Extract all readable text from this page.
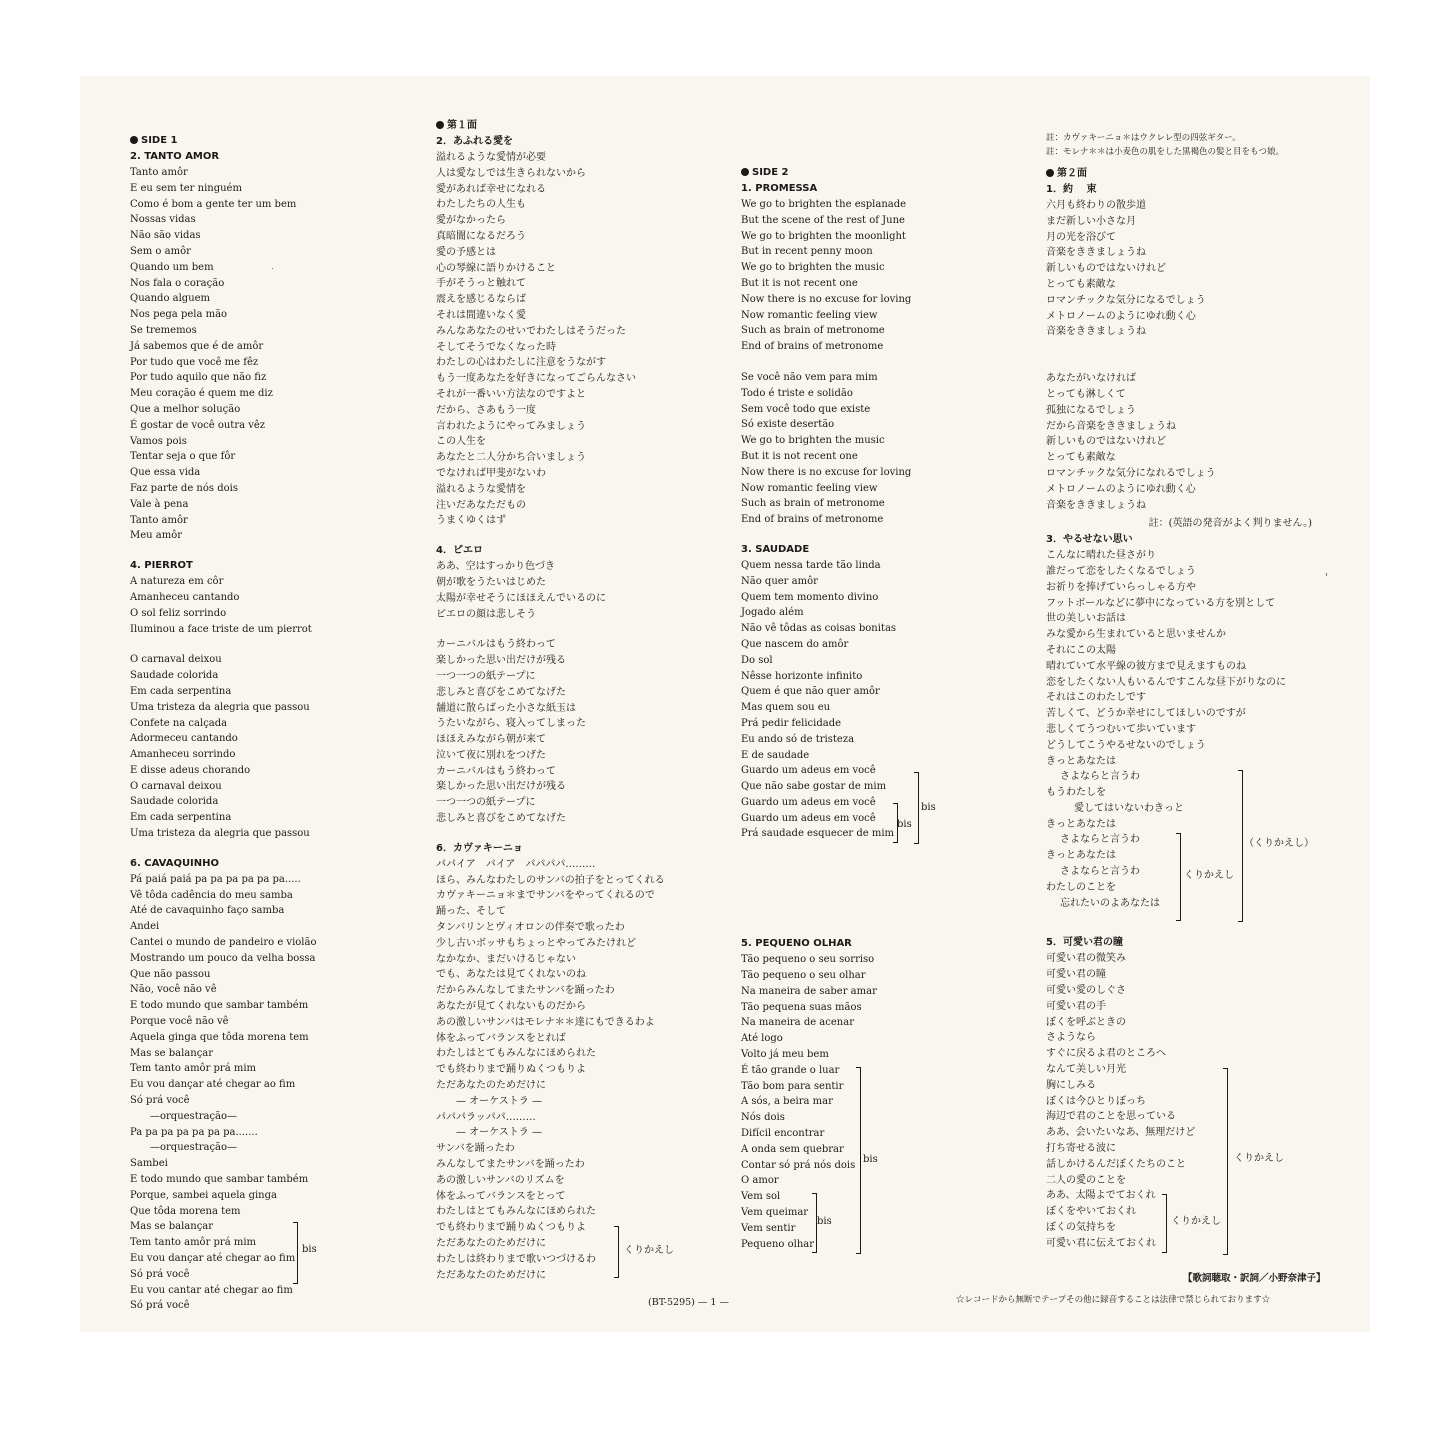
SIDE 1
2. TANTO AMOR
Tanto amôr
E eu sem ter ninguém
Como é bom a gente ter um bem
Nossas vidas
Não são vidas
Sem o amôr
Quando um bem
Nos fala o coração
Quando alguem
Nos pega pela mão
Se trememos
Já sabemos que é de amôr
Por tudo que você me fêz
Por tudo aquilo que não fiz
Meu coração é quem me diz
Que a melhor solução
É gostar de você outra vêz
Vamos pois
Tentar seja o que fôr
Que essa vida
Faz parte de nós dois
Vale à pena
Tanto amôr
Meu amôr
4. PIERROT
A natureza em côr
Amanheceu cantando
O sol feliz sorrindo
Iluminou a face triste de um pierrot
O carnaval deixou
Saudade colorida
Em cada serpentina
Uma tristeza da alegria que passou
Confete na calçada
Adormeceu cantando
Amanheceu sorrindo
E disse adeus chorando
O carnaval deixou
Saudade colorida
Em cada serpentina
Uma tristeza da alegria que passou
6. CAVAQUINHO
Pá paiá paiá pa pa pa pa pa pa.....
Vê tôda cadência do meu samba
Até de cavaquinho faço samba
Andei
Cantei o mundo de pandeiro e violão
Mostrando um pouco da velha bossa
Que não passou
Não, você não vê
E todo mundo que sambar também
Porque você não vê
Aquela ginga que tôda morena tem
Mas se balançar
Tem tanto amôr prá mim
Eu vou dançar até chegar ao fim
Só prá você
—orquestração—
Pa pa pa pa pa pa pa.......
—orquestração—
Sambei
E todo mundo que sambar também
Porque, sambei aquela ginga
Que tôda morena tem
Mas se balançar
Tem tanto amôr prá mim
Eu vou dançar até chegar ao fim
Só prá você
Eu vou cantar até chegar ao fim
Só prá você
bis
第１面
2．あふれる愛を
溢れるような愛情が必要
人は愛なしでは生きられないから
愛があれば幸せになれる
わたしたちの人生も
愛がなかったら
真暗闇になるだろう
愛の予感とは
心の琴線に語りかけること
手がそうっと触れて
震えを感じるならば
それは間違いなく愛
みんなあなたのせいでわたしはそうだった
そしてそうでなくなった時
わたしの心はわたしに注意をうながす
もう一度あなたを好きになってごらんなさい
それが一番いい方法なのですよと
だから、さあもう一度
言われたようにやってみましょう
この人生を
あなたと二人分かち合いましょう
でなければ甲斐がないわ
溢れるような愛情を
注いだあなただもの
うまくゆくはず
4．ピエロ
ああ、空はすっかり色づき
朝が歌をうたいはじめた
太陽が幸せそうにほほえんでいるのに
ピエロの顔は悲しそう
カーニバルはもう終わって
楽しかった思い出だけが残る
一つ一つの紙テープに
悲しみと喜びをこめてなげた
舗道に散らばった小さな紙玉は
うたいながら、寝入ってしまった
ほほえみながら朝が来て
泣いて夜に別れをつげた
カーニバルはもう終わって
楽しかった思い出だけが残る
一つ一つの紙テープに
悲しみと喜びをこめてなげた
6．カヴァキーニョ
パパイア　パイア　パパパパ………
ほら、みんなわたしのサンバの拍子をとってくれる
カヴァキーニョ＊までサンバをやってくれるので
踊った、そして
タンバリンとヴィオロンの伴奏で歌ったわ
少し古いボッサもちょっとやってみたけれど
なかなか、まだいけるじゃない
でも、あなたは見てくれないのね
だからみんなしてまたサンバを踊ったわ
あなたが見てくれないものだから
あの激しいサンバはモレナ＊＊達にもできるわよ
体をふってバランスをとれば
わたしはとてもみんなにほめられた
でも終わりまで踊りぬくつもりよ
ただあなたのためだけに
— オーケストラ —
パパパラッパパ………
— オーケストラ —
サンバを踊ったわ
みんなしてまたサンバを踊ったわ
あの激しいサンバのリズムを
体をふってバランスをとって
わたしはとてもみんなにほめられた
でも終わりまで踊りぬくつもりよ
ただあなたのためだけに
わたしは終わりまで歌いつづけるわ
ただあなたのためだけに
くりかえし
SIDE 2
1. PROMESSA
We go to brighten the esplanade
But the scene of the rest of June
We go to brighten the moonlight
But in recent penny moon
We go to brighten the music
But it is not recent one
Now there is no excuse for loving
Now romantic feeling view
Such as brain of metronome
End of brains of metronome
Se você não vem para mim
Todo é triste e solidão
Sem você todo que existe
Só existe desertão
We go to brighten the music
But it is not recent one
Now there is no excuse for loving
Now romantic feeling view
Such as brain of metronome
End of brains of metronome
3. SAUDADE
Quem nessa tarde tão linda
Não quer amôr
Quem tem momento divino
Jogado além
Não vê tôdas as coisas bonitas
Que nascem do amôr
Do sol
Nêsse horizonte infinito
Quem é que não quer amôr
Mas quem sou eu
Prá pedir felicidade
Eu ando só de tristeza
E de saudade
Guardo um adeus em você
Que não sabe gostar de mim
Guardo um adeus em você
Guardo um adeus em você
Prá saudade esquecer de mim
5. PEQUENO OLHAR
Tão pequeno o seu sorriso
Tão pequeno o seu olhar
Na maneira de saber amar
Tão pequena suas mãos
Na maneira de acenar
Até logo
Volto já meu bem
É tão grande o luar
Tão bom para sentir
A sós, a beira mar
Nós dois
Difícil encontrar
A onda sem quebrar
Contar só prá nós dois
O amor
Vem sol
Vem queimar
Vem sentir
Pequeno olhar
bis
bis
bis
bis
註：カヴァキーニョ＊はウクレレ型の四弦ギター。
註：モレナ＊＊は小麦色の肌をした黒褐色の髪と目をもつ娘。
第２面
1．約　 束
六月も終わりの散歩道
まだ新しい小さな月
月の光を浴びて
音楽をききましょうね
新しいものではないけれど
とっても素敵な
ロマンチックな気分になるでしょう
メトロノームのようにゆれ動く心
音楽をききましょうね
あなたがいなければ
とっても淋しくて
孤独になるでしょう
だから音楽をききましょうね
新しいものではないけれど
とっても素敵な
ロマンチックな気分になれるでしょう
メトロノームのようにゆれ動く心
音楽をききましょうね
註：(英語の発音がよく判りません。)
3．やるせない思い
こんなに晴れた昼さがり
誰だって恋をしたくなるでしょう
お祈りを捧げていらっしゃる方や
フットボールなどに夢中になっている方を別として
世の美しいお話は
みな愛から生まれていると思いませんか
それにこの太陽
晴れていて水平線の彼方まで見えますものね
恋をしたくない人もいるんですこんな昼下がりなのに
それはこのわたしです
苦しくて、どうか幸せにしてほしいのですが
悲しくてうつむいて歩いています
どうしてこうやるせないのでしょう
きっとあなたは
さよならと言うわ
もうわたしを
愛してはいないわきっと
きっとあなたは
さよならと言うわ
きっとあなたは
さよならと言うわ
わたしのことを
忘れたいのよあなたは
5．可愛い君の瞳
可愛い君の微笑み
可愛い君の瞳
可愛い愛のしぐさ
可愛い君の手
ぼくを呼ぶときの
さようなら
すぐに戻るよ君のところへ
なんて美しい月光
胸にしみる
ぼくは今ひとりぼっち
海辺で君のことを思っている
ああ、会いたいなあ、無理だけど
打ち寄せる波に
話しかけるんだぼくたちのこと
二人の愛のことを
ああ、太陽よでておくれ
ぼくをやいておくれ
ぼくの気持ちを
可愛い君に伝えておくれ
（くりかえし）
くりかえし
くりかえし
くりかえし
【歌詞聴取・訳詞／小野奈津子】
☆レコードから無断でテープその他に録音することは法律で禁じられております☆
(BT-5295) — 1 —
